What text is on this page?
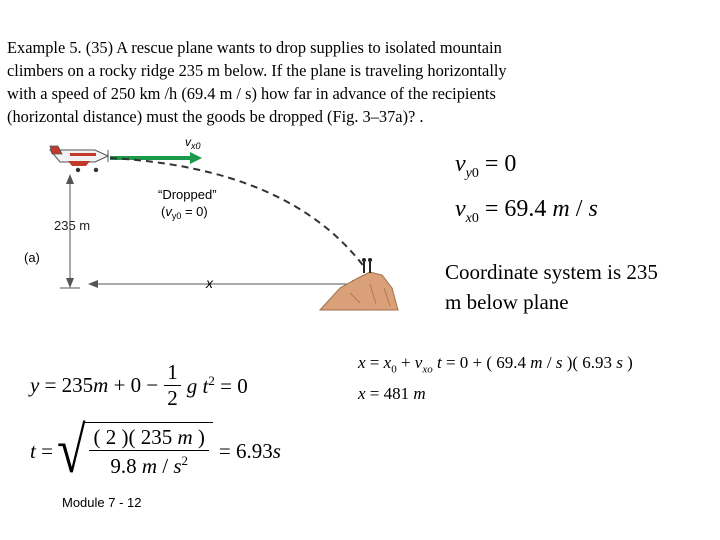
Example 5. (35) A rescue plane wants to drop supplies to isolated mountain
climbers on a rocky ridge 235 m below. If the plane is traveling horizontally
with a speed of 250 km /h (69.4 m / s) how far in advance of the recipients
(horizontal distance) must the goods be dropped (Fig. 3–37a)? .
$v_{x0}$
“Dropped”
$(v_{y0} = 0)$
235 m
(a)
x
$v_{y0} = 0$
$v_{x0} = 69.4$ m / s
Coordinate system is 235
m below plane
$x = x_0 + v_{xo}$ t = 0 + ( 69.4 m / s )( 6.93 s )
x = 481 m
$y = 235m + 0 - \frac{1}{2}$ g $t^2 = 0$
t = √ $\frac{( 2 )( 235 m )}{9.8 m / s^2} = 6.93s$
Module 7 - 12
